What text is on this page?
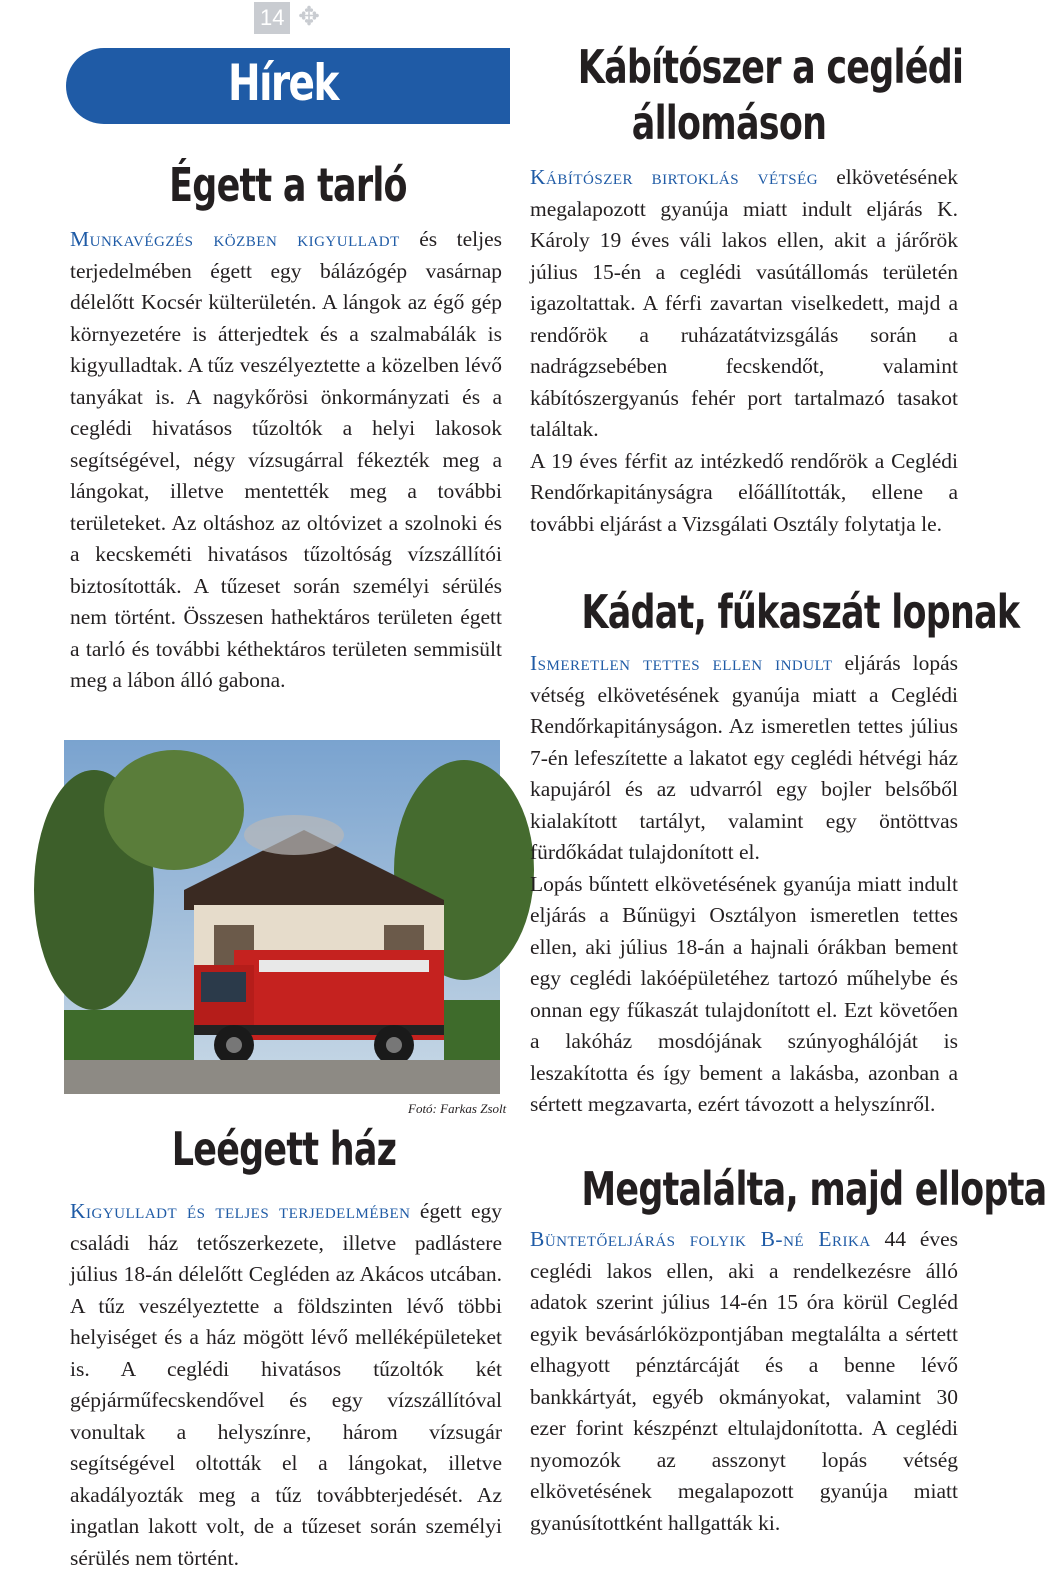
14 ✥
Hírek
Égett a tarló

Munkavégzés közben kigyulladt és teljes terjedelmében égett egy bálázógép vasárnap délelőtt Kocsér külterületén. A lángok az égő gép környezetére is átterjedtek és a szalmabálák is kigyulladtak. A tűz veszélyeztette a közelben lévő tanyákat is. A nagykőrösi önkormányzati és a ceglédi hivatásos tűzoltók a helyi lakosok segítségével, négy vízsugárral fékezték meg a lángokat, illetve mentették meg a további területeket. Az oltáshoz az oltóvizet a szolnoki és a kecskeméti hivatásos tűzoltóság vízszállítói biztosították. A tűzeset során személyi sérülés nem történt. Összesen hathektáros területen égett a tarló és további kéthektáros területen semmisült meg a lábon álló gabona.

Fotó: Farkas Zsolt
Leégett ház

Kigyulladt és teljes terjedelmében égett egy családi ház tetőszerkezete, illetve padlástere július 18-án délelőtt Cegléden az Akácos utcában. A tűz veszélyeztette a földszinten lévő többi helyiséget és a ház mögött lévő melléképületeket is. A ceglédi hivatásos tűzoltók két gépjárműfecskendővel és egy vízszállítóval vonultak a helyszínre, három vízsugár segítségével oltották el a lángokat, illetve akadályozták meg a tűz továbbterjedését. Az ingatlan lakott volt, de a tűzeset során személyi sérülés nem történt.

Kábítószer a ceglédi
állomáson

Kábítószer birtoklás vétség elkövetésének megalapozott gyanúja miatt indult eljárás K. Károly 19 éves váli lakos ellen, akit a járőrök július 15-én a ceglédi vasútállomás területén igazoltattak. A férfi zavartan viselkedett, majd a rendőrök a ruházatátvizsgálás során a nadrágzsebében fecskendőt, valamint kábítószergyanús fehér port tartalmazó tasakot találtak.

A 19 éves férfit az intézkedő rendőrök a Ceglédi Rendőrkapitányságra előállították, ellene a további eljárást a Vizsgálati Osztály folytatja le.

Kádat, fűkaszát lopnak

Ismeretlen tettes ellen indult eljárás lopás vétség elkövetésének gyanúja miatt a Ceglédi Rendőrkapitányságon. Az ismeretlen tettes július 7-én lefeszítette a lakatot egy ceglédi hétvégi ház kapujáról és az udvarról egy bojler belsőből kialakított tartályt, valamint egy öntöttvas fürdőkádat tulajdonított el.

Lopás bűntett elkövetésének gyanúja miatt indult eljárás a Bűnügyi Osztályon ismeretlen tettes ellen, aki július 18-án a hajnali órákban bement egy ceglédi lakóépületéhez tartozó műhelybe és onnan egy fűkaszát tulajdonított el. Ezt követően a lakóház mosdójának szúnyoghálóját is leszakította és így bement a lakásba, azonban a sértett megzavarta, ezért távozott a helyszínről.

Megtalálta, majd ellopta

Büntetőeljárás folyik B-né Erika 44 éves ceglédi lakos ellen, aki a rendelkezésre álló adatok szerint július 14-én 15 óra körül Cegléd egyik bevásárlóközpontjában megtalálta a sértett elhagyott pénztárcáját és a benne lévő bankkártyát, egyéb okmányokat, valamint 30 ezer forint készpénzt eltulajdonította. A ceglédi nyomozók az asszonyt lopás vétség elkövetésének megalapozott gyanúja miatt gyanúsítottként hallgatták ki.
